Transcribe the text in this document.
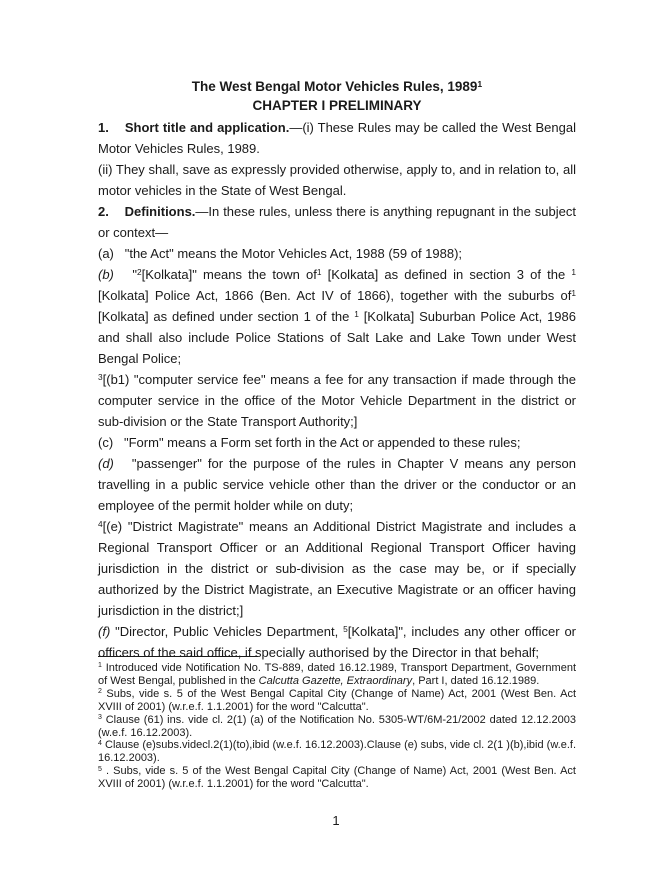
The West Bengal Motor Vehicles Rules, 1989$^1$

CHAPTER I PRELIMINARY

1.    Short title and application.—(i) These Rules may be called the West Bengal Motor Vehicles Rules, 1989.

(ii) They shall, save as expressly provided otherwise, apply to, and in relation to, all motor vehicles in the State of West Bengal.

2.    Definitions.—In these rules, unless there is anything repugnant in the subject or context—

(a)   "the Act" means the Motor Vehicles Act, 1988 (59 of 1988);

(b)   "$^2$[Kolkata]" means the town $of^1$ [Kolkata] as defined in section 3 of the $^1$ [Kolkata] Police Act, 1866 (Ben. Act IV of 1866), together with the suburbs $of^1$ [Kolkata] as defined under section 1 of the $^1$ [Kolkata] Suburban Police Act, 1986 and shall also include Police Stations of Salt Lake and Lake Town under West Bengal Police;

$^3$[(b1) "computer service fee" means a fee for any transaction if made through the computer service in the office of the Motor Vehicle Department in the district or sub-division or the State Transport Authority;]

(c)   "Form" means a Form set forth in the Act or appended to these rules;

(d)   "passenger" for the purpose of the rules in Chapter V means any person travelling in a public service vehicle other than the driver or the conductor or an employee of the permit holder while on duty;

$^4$[(e) "District Magistrate" means an Additional District Magistrate and includes a Regional Transport Officer or an Additional Regional Transport Officer having jurisdiction in the district or sub-division as the case may be, or if specially authorized by the District Magistrate, an Executive Magistrate or an officer having jurisdiction in the district;]

(f) "Director, Public Vehicles Department, $^5$[Kolkata]", includes any other officer or officers of the said office, if specially authorised by the Director in that behalf;

$^1$ Introduced vide Notification No. TS-889, dated 16.12.1989, Transport Department, Government of West Bengal, published in the Calcutta Gazette, Extraordinary, Part I, dated 16.12.1989.

$^2$ Subs, vide s. 5 of the West Bengal Capital City (Change of Name) Act, 2001 (West Ben. Act XVIII of 2001) (w.r.e.f. 1.1.2001) for the word "Calcutta".

$^3$ Clause (61) ins. vide cl. 2(1) (a) of the Notification No. 5305-WT/6M-21/2002 dated 12.12.2003 (w.e.f. 16.12.2003).

$^4$ Clause (e)subs.videcl.2(1)(to),ibid (w.e.f. 16.12.2003).Clause (e) subs, vide cl. 2(1 )(b),ibid (w.e.f. 16.12.2003).

$^5$ . Subs, vide s. 5 of the West Bengal Capital City (Change of Name) Act, 2001 (West Ben. Act XVIII of 2001) (w.r.e.f. 1.1.2001) for the word "Calcutta".

1
